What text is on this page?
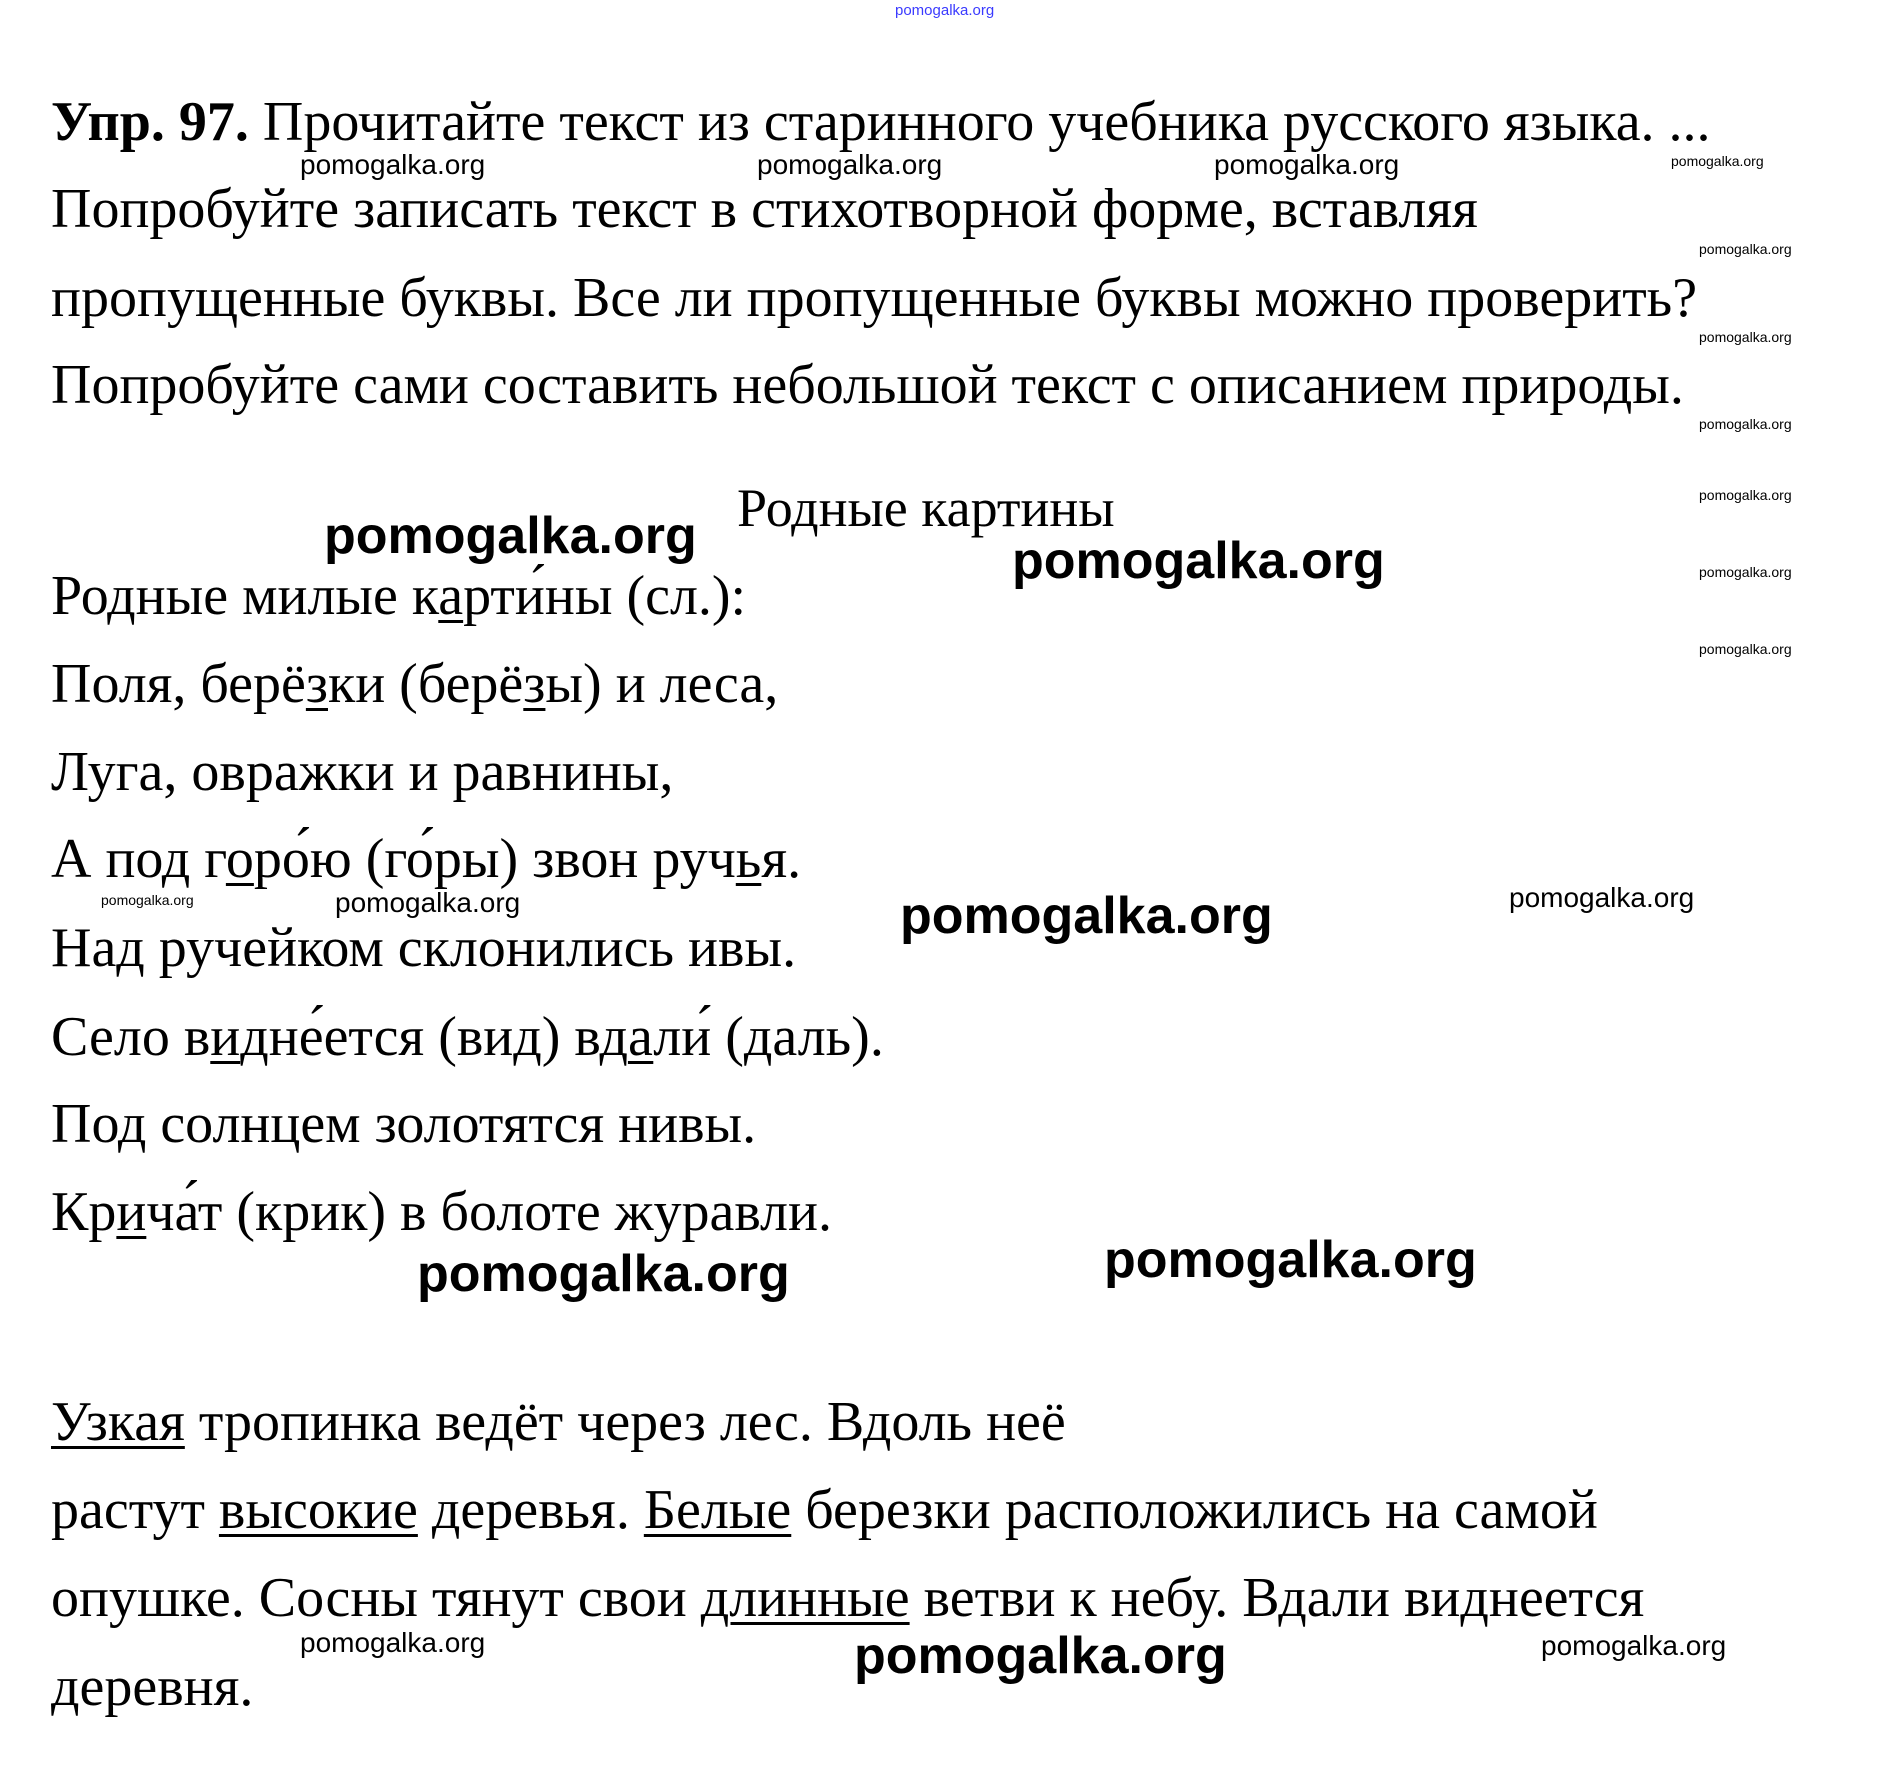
pomogalka.org
Упр. 97. Прочитайте текст из старинного учебника русского языка. ...
Попробуйте записать текст в стихотворной форме, вставляя
пропущенные буквы. Все ли пропущенные буквы можно проверить?
Попробуйте сами составить небольшой текст с описанием природы.
Родные картины
Родные милые карти́ны (сл.):
Поля, берёзки (берёзы) и леса,
Луга, овражки и равнины,
А под горо́ю (го́ры) звон ручья.
Над ручейком склонились ивы.
Село видне́ется (вид) вдали́ (даль).
Под солнцем золотятся нивы.
Крича́т (крик) в болоте журавли.
Узкая тропинка ведёт через лес. Вдоль неё
растут высокие деревья. Белые березки расположились на самой
опушке. Сосны тянут свои длинные ветви к небу. Вдали виднеется
деревня.
pomogalka.org	pomogalka.org	pomogalka.org	pomogalka.org
pomogalka.org
pomogalka.org
pomogalka.org
pomogalka.org
pomogalka.org
pomogalka.org
pomogalka.org	pomogalka.org
pomogalka.org	pomogalka.org
pomogalka.org	pomogalka.org
pomogalka.org	pomogalka.org
pomogalka.org	pomogalka.org	pomogalka.org
